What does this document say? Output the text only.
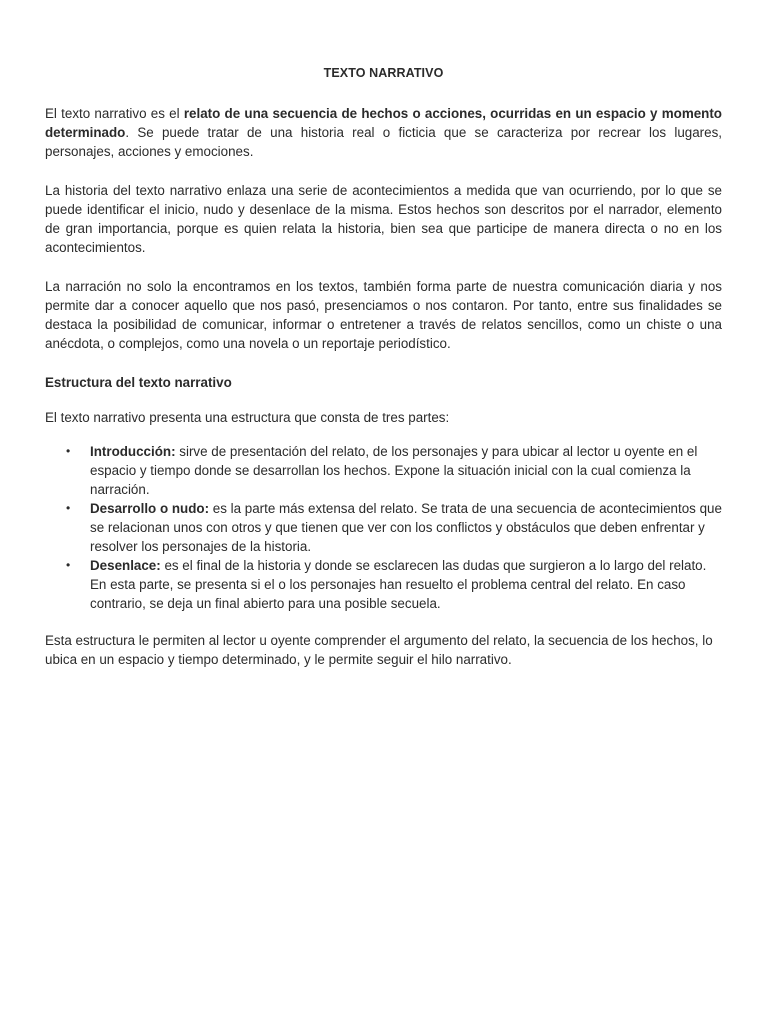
TEXTO NARRATIVO

El texto narrativo es el relato de una secuencia de hechos o acciones, ocurridas en un espacio y momento determinado. Se puede tratar de una historia real o ficticia que se caracteriza por recrear los lugares, personajes, acciones y emociones.

La historia del texto narrativo enlaza una serie de acontecimientos a medida que van ocurriendo, por lo que se puede identificar el inicio, nudo y desenlace de la misma. Estos hechos son descritos por el narrador, elemento de gran importancia, porque es quien relata la historia, bien sea que participe de manera directa o no en los acontecimientos.

La narración no solo la encontramos en los textos, también forma parte de nuestra comunicación diaria y nos permite dar a conocer aquello que nos pasó, presenciamos o nos contaron. Por tanto, entre sus finalidades se destaca la posibilidad de comunicar, informar o entretener a través de relatos sencillos, como un chiste o una anécdota, o complejos, como una novela o un reportaje periodístico.

Estructura del texto narrativo

El texto narrativo presenta una estructura que consta de tres partes:

• Introducción: sirve de presentación del relato, de los personajes y para ubicar al lector u oyente en el espacio y tiempo donde se desarrollan los hechos. Expone la situación inicial con la cual comienza la narración.
• Desarrollo o nudo: es la parte más extensa del relato. Se trata de una secuencia de acontecimientos que se relacionan unos con otros y que tienen que ver con los conflictos y obstáculos que deben enfrentar y resolver los personajes de la historia.
• Desenlace: es el final de la historia y donde se esclarecen las dudas que surgieron a lo largo del relato. En esta parte, se presenta si el o los personajes han resuelto el problema central del relato. En caso contrario, se deja un final abierto para una posible secuela.

Esta estructura le permiten al lector u oyente comprender el argumento del relato, la secuencia de los hechos, lo ubica en un espacio y tiempo determinado, y le permite seguir el hilo narrativo.
